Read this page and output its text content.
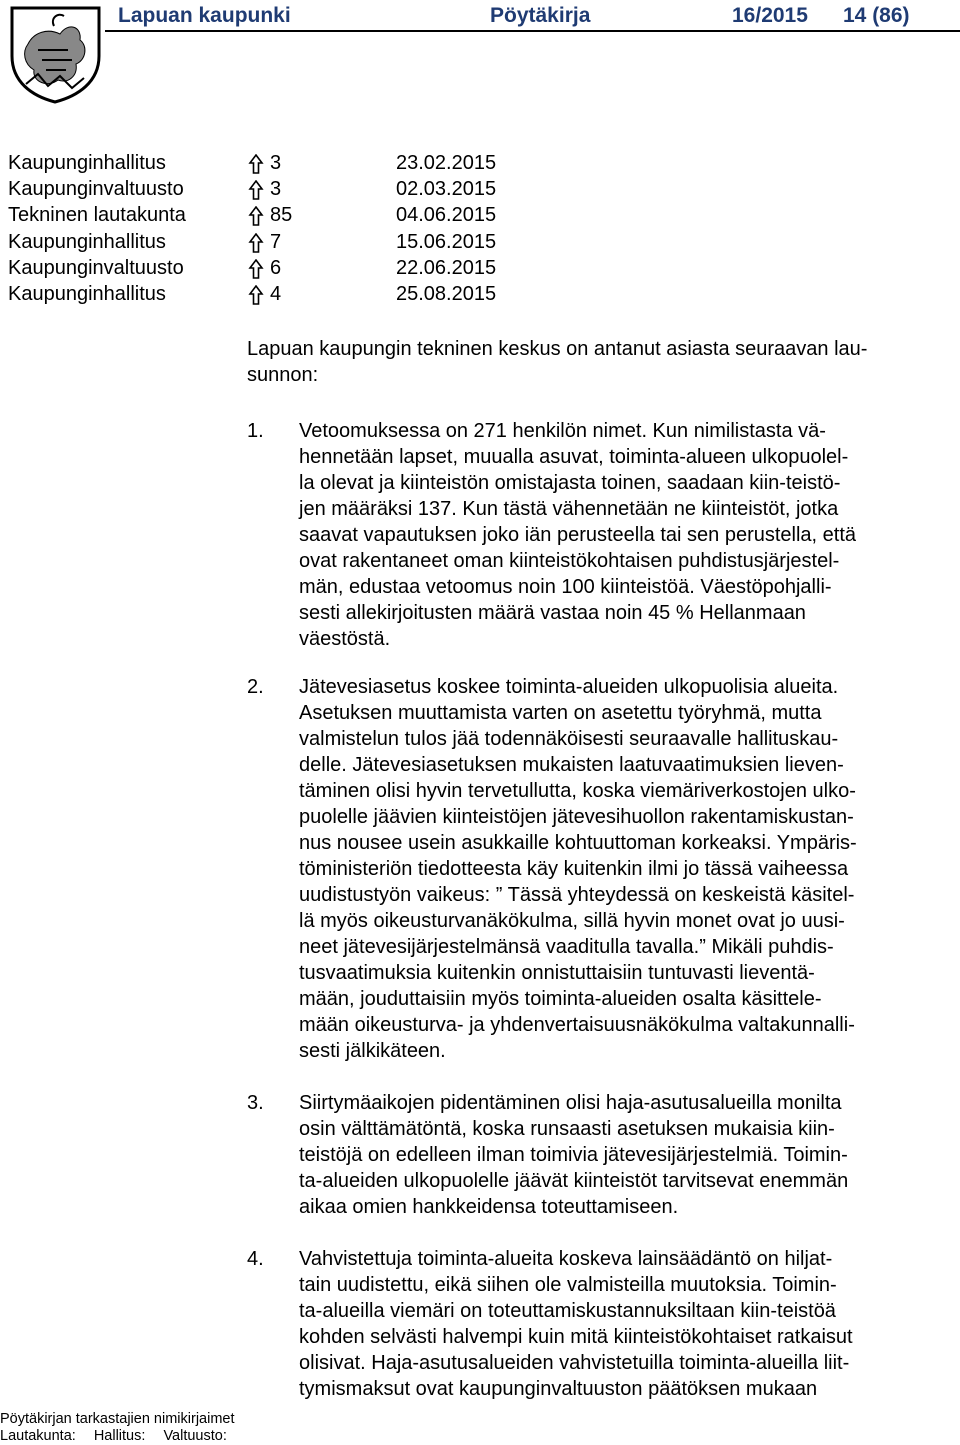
Lapuan kaupunki	Pöytäkirja	16/2015 14 (86)
Kaupunginhallitus	3	23.02.2015
Kaupunginvaltuusto	3	02.03.2015
Tekninen lautakunta	85	04.06.2015
Kaupunginhallitus	7	15.06.2015
Kaupunginvaltuusto	6	22.06.2015
Kaupunginhallitus	4	25.08.2015
Lapuan kaupungin tekninen keskus on antanut asiasta seuraavan lau-
sunnon:
1. Vetoomuksessa on 271 henkilön nimet. Kun nimilistasta vä-
hennetään lapset, muualla asuvat, toiminta-alueen ulkopuolel-
la olevat ja kiinteistön omistajasta toinen, saadaan kiin-teistö-
jen määräksi 137. Kun tästä vähennetään ne kiinteistöt, jotka
saavat vapautuksen joko iän perusteella tai sen perustella, että
ovat rakentaneet oman kiinteistökohtaisen puhdistusjärjestel-
män, edustaa vetoomus noin 100 kiinteistöä. Väestöpohjalli-
sesti allekirjoitusten määrä vastaa noin 45 % Hellanmaan
väestöstä.
2. Jätevesiasetus koskee toiminta-alueiden ulkopuolisia alueita.
Asetuksen muuttamista varten on asetettu työryhmä, mutta
valmistelun tulos jää todennäköisesti seuraavalle hallituskau-
delle. Jätevesiasetuksen mukaisten laatuvaatimuksien lieven-
täminen olisi hyvin tervetullutta, koska viemäriverkostojen ulko-
puolelle jäävien kiinteistöjen jätevesihuollon rakentamiskustan-
nus nousee usein asukkaille kohtuuttoman korkeaksi. Ympäris-
töministeriön tiedotteesta käy kuitenkin ilmi jo tässä vaiheessa
uudistustyön vaikeus: ” Tässä yhteydessä on keskeistä käsitel-
lä myös oikeusturvanäkökulma, sillä hyvin monet ovat jo uusi-
neet jätevesijärjestelmänsä vaaditulla tavalla.” Mikäli puhdis-
tusvaatimuksia kuitenkin onnistuttaisiin tuntuvasti lieventä-
mään, jouduttaisiin myös toiminta-alueiden osalta käsittele-
mään oikeusturva- ja yhdenvertaisuusnäkökulma valtakunnalli-
sesti jälkikäteen.
3. Siirtymäaikojen pidentäminen olisi haja-asutusalueilla monilta
osin välttämätöntä, koska runsaasti asetuksen mukaisia kiin-
teistöjä on edelleen ilman toimivia jätevesijärjestelmiä. Toimin-
ta-alueiden ulkopuolelle jäävät kiinteistöt tarvitsevat enemmän
aikaa omien hankkeidensa toteuttamiseen.
4. Vahvistettuja toiminta-alueita koskeva lainsäädäntö on hiljat-
tain uudistettu, eikä siihen ole valmisteilla muutoksia. Toimin-
ta-alueilla viemäri on toteuttamiskustannuksiltaan kiin-teistöä
kohden selvästi halvempi kuin mitä kiinteistökohtaiset ratkaisut
olisivat. Haja-asutusalueiden vahvistetuilla toiminta-alueilla liit-
tymismaksut ovat kaupunginvaltuuston päätöksen mukaan
Pöytäkirjan tarkastajien nimikirjaimet
Lautakunta: Hallitus: Valtuusto:
